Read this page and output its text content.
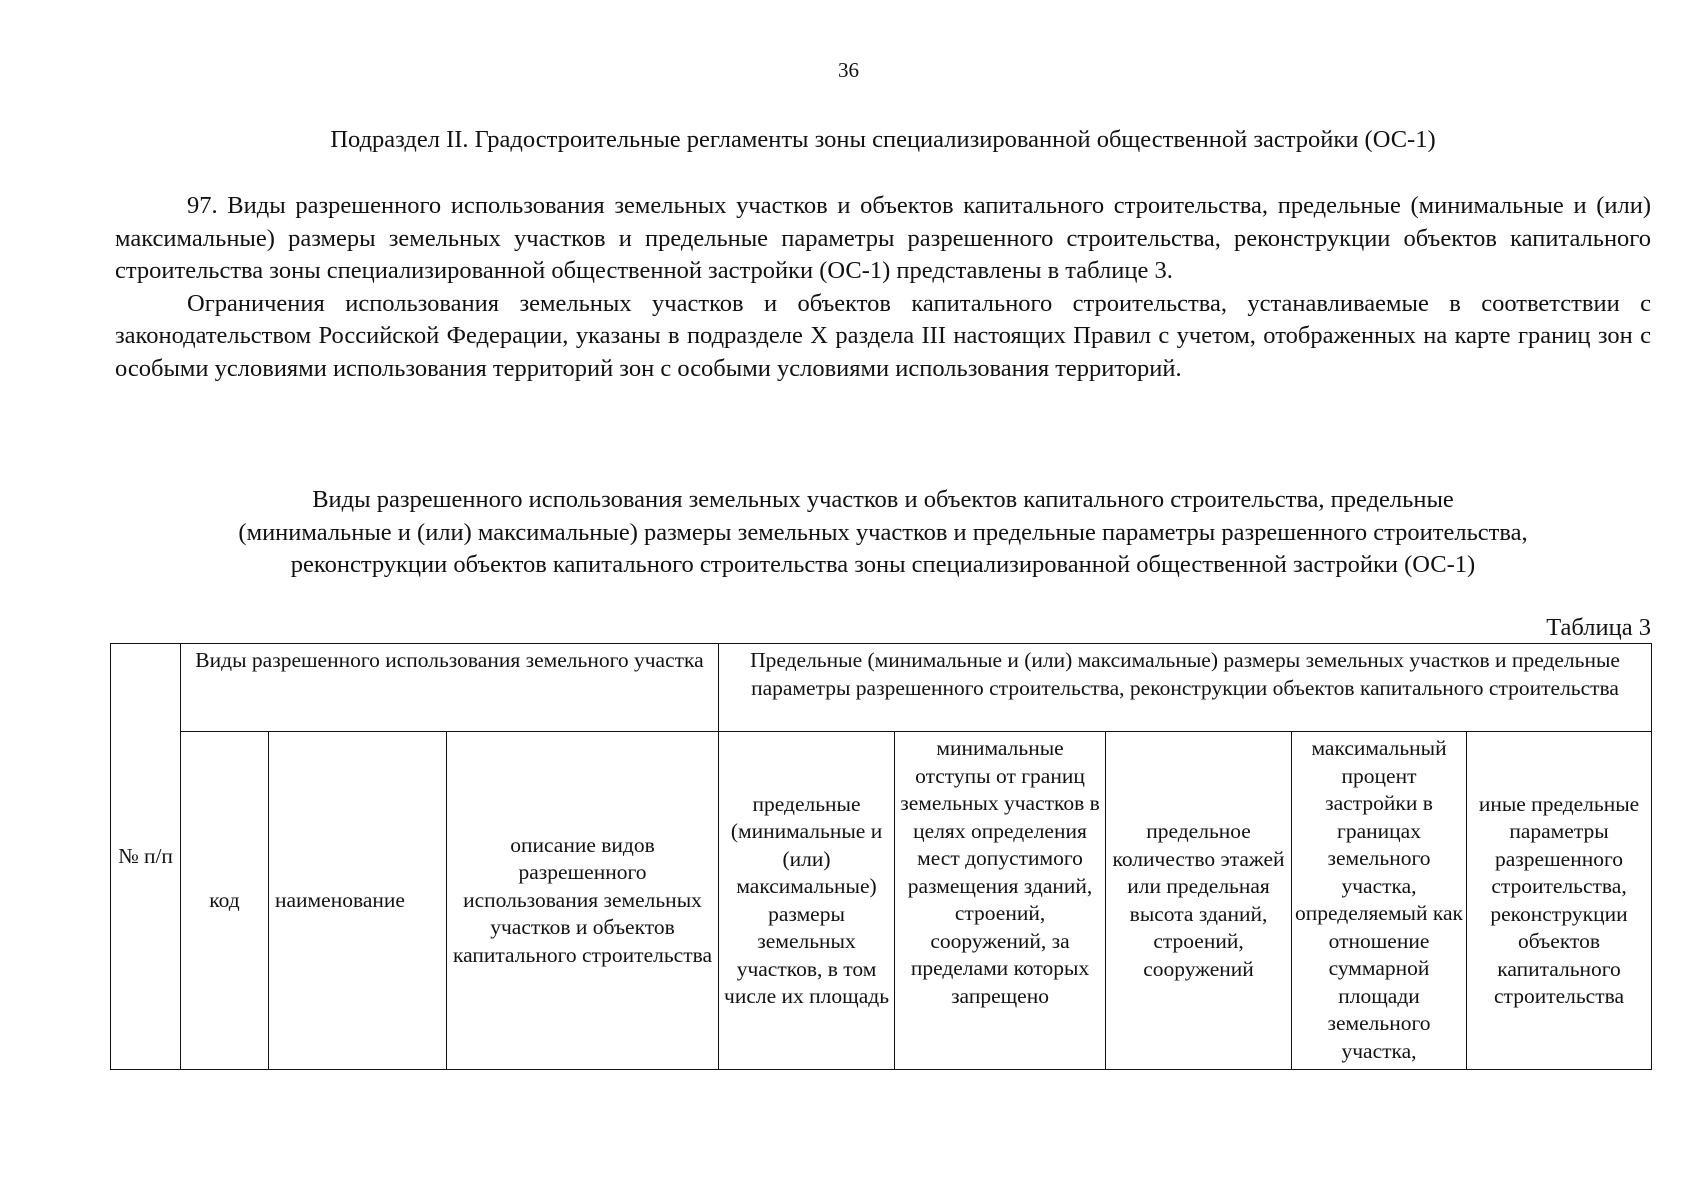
36
Подраздел II. Градостроительные регламенты зоны специализированной общественной застройки (ОС-1)

97. Виды разрешенного использования земельных участков и объектов капитального строительства, предельные (минимальные и (или) максимальные) размеры земельных участков и предельные параметры разрешенного строительства, реконструкции объектов капитального строительства зоны специализированной общественной застройки (ОС-1) представлены в таблице 3.

Ограничения использования земельных участков и объектов капитального строительства, устанавливаемые в соответствии с законодательством Российской Федерации, указаны в подразделе X раздела III настоящих Правил с учетом, отображенных на карте границ зон с особыми условиями использования территорий зон с особыми условиями использования территорий.

Виды разрешенного использования земельных участков и объектов капитального строительства, предельные
(минимальные и (или) максимальные) размеры земельных участков и предельные параметры разрешенного строительства,
реконструкции объектов капитального строительства зоны специализированной общественной застройки (ОС-1)
Таблица 3
№ п/п	Виды разрешенного использования земельного участка			Предельные (минимальные и (или) максимальные) размеры земельных участков и предельные параметры разрешенного строительства, реконструкции объектов капитального строительства				

	код	наименование	описание видов разрешенного использования земельных участков и объектов капитального строительства	предельные (минимальные и (или) максимальные) размеры земельных участков, в том числе их площадь	минимальные отступы от границ земельных участков в целях определения мест допустимого размещения зданий, строений, сооружений, за пределами которых запрещено	предельное количество этажей или предельная высота зданий, строений, сооружений	максимальный процент застройки в границах земельного участка, определяемый как отношение суммарной площади земельного участка,	иные предельные параметры разрешенного строительства, реконструкции объектов капитального строительства
